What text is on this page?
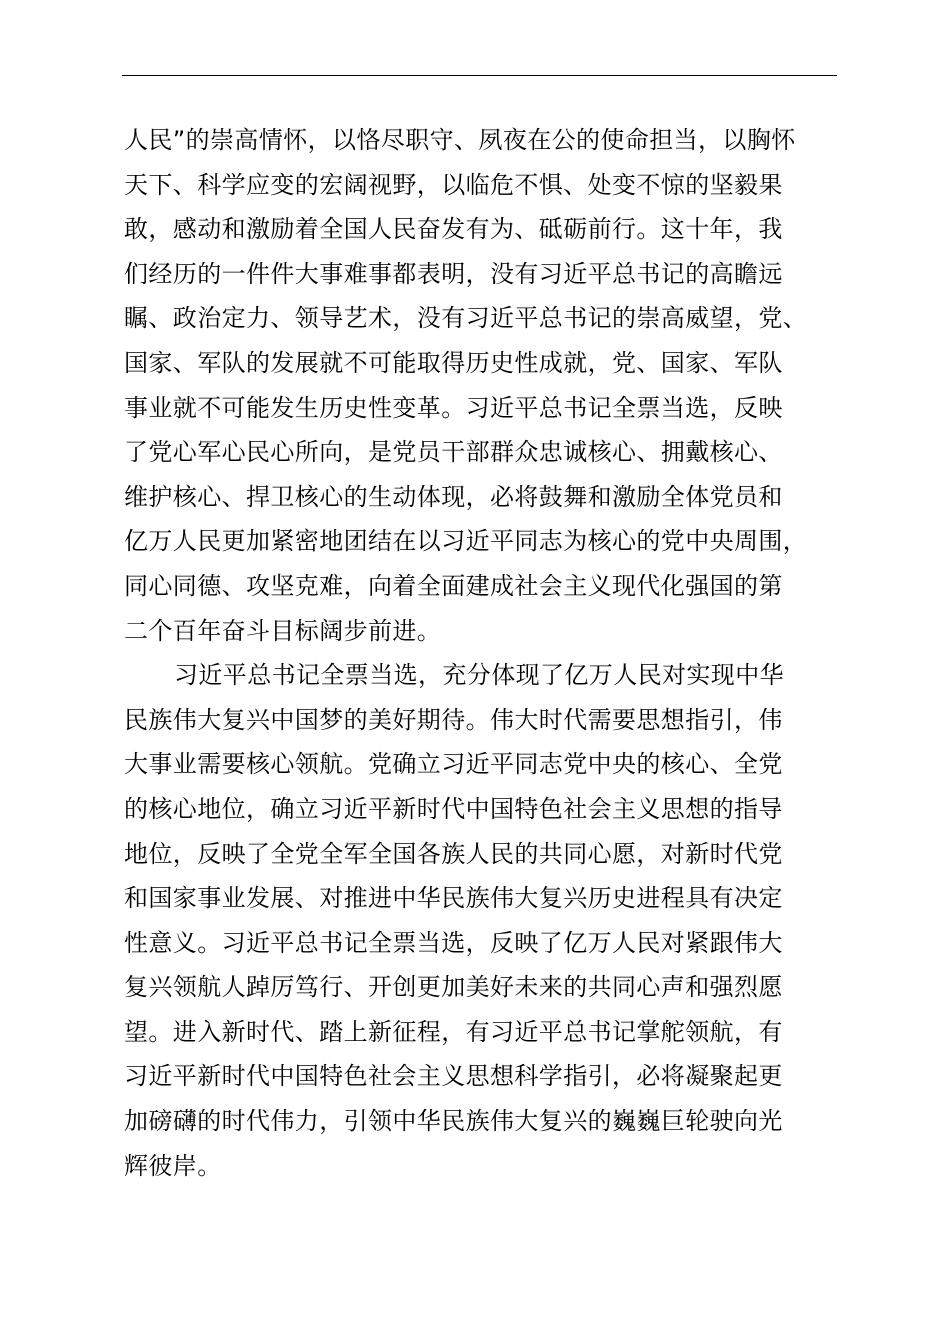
人民”的崇高情怀，以恪尽职守、夙夜在公的使命担当，以胸怀
天下、科学应变的宏阔视野，以临危不惧、处变不惊的坚毅果
敢，感动和激励着全国人民奋发有为、砥砺前行。这十年，我
们经历的一件件大事难事都表明，没有习近平总书记的高瞻远
瞩、政治定力、领导艺术，没有习近平总书记的崇高威望，党、
国家、军队的发展就不可能取得历史性成就，党、国家、军队
事业就不可能发生历史性变革。习近平总书记全票当选，反映
了党心军心民心所向，是党员干部群众忠诚核心、拥戴核心、
维护核心、捍卫核心的生动体现，必将鼓舞和激励全体党员和
亿万人民更加紧密地团结在以习近平同志为核心的党中央周围，
同心同德、攻坚克难，向着全面建成社会主义现代化强国的第
二个百年奋斗目标阔步前进。
习近平总书记全票当选，充分体现了亿万人民对实现中华
民族伟大复兴中国梦的美好期待。伟大时代需要思想指引，伟
大事业需要核心领航。党确立习近平同志党中央的核心、全党
的核心地位，确立习近平新时代中国特色社会主义思想的指导
地位，反映了全党全军全国各族人民的共同心愿，对新时代党
和国家事业发展、对推进中华民族伟大复兴历史进程具有决定
性意义。习近平总书记全票当选，反映了亿万人民对紧跟伟大
复兴领航人踔厉笃行、开创更加美好未来的共同心声和强烈愿
望。进入新时代、踏上新征程，有习近平总书记掌舵领航，有
习近平新时代中国特色社会主义思想科学指引，必将凝聚起更
加磅礴的时代伟力，引领中华民族伟大复兴的巍巍巨轮驶向光
辉彼岸。
